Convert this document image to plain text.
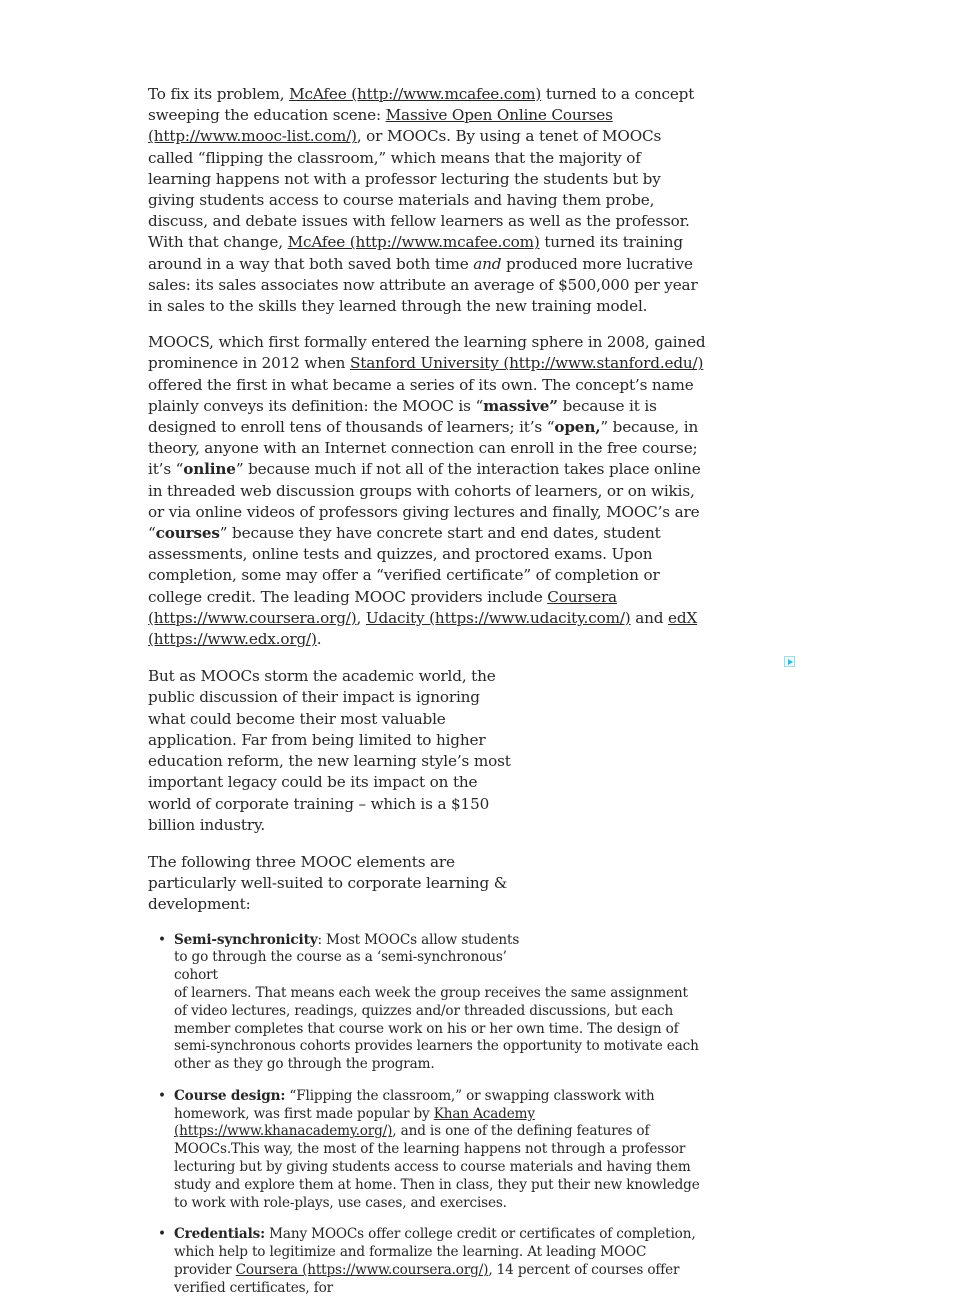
To fix its problem, McAfee (http://www.mcafee.com) turned to a concept sweeping the education scene: Massive Open Online Courses (http://www.mooc-list.com/), or MOOCs. By using a tenet of MOOCs called “flipping the classroom,” which means that the majority of learning happens not with a professor lecturing the students but by giving students access to course materials and having them probe, discuss, and debate issues with fellow learners as well as the professor. With that change, McAfee (http://www.mcafee.com) turned its training around in a way that both saved both time and produced more lucrative sales: its sales associates now attribute an average of $500,000 per year in sales to the skills they learned through the new training model.

MOOCS, which first formally entered the learning sphere in 2008, gained prominence in 2012 when Stanford University (http://www.stanford.edu/) offered the first in what became a series of its own. The concept’s name plainly conveys its definition: the MOOC is “massive” because it is designed to enroll tens of thousands of learners; it’s “open,” because, in theory, anyone with an Internet connection can enroll in the free course; it’s “online” because much if not all of the interaction takes place online in threaded web discussion groups with cohorts of learners, or on wikis, or via online videos of professors giving lectures and finally, MOOC’s are “courses” because they have concrete start and end dates, student assessments, online tests and quizzes, and proctored exams. Upon completion, some may offer a “verified certificate” of completion or college credit. The leading MOOC providers include Coursera (https://www.coursera.org/), Udacity (https://www.udacity.com/) and edX (https://www.edx.org/).

But as MOOCs storm the academic world, the public discussion of their impact is ignoring what could become their most valuable application. Far from being limited to higher education reform, the new learning style’s most important legacy could be its impact on the world of corporate training – which is a $150 billion industry.

The following three MOOC elements are particularly well-suited to corporate learning & development:

• Semi-synchronicity: Most MOOCs allow students to go through the course as a ‘semi-synchronous’ cohort
of learners. That means each week the group receives the same assignment of video lectures, readings, quizzes and/or threaded discussions, but each member completes that course work on his or her own time. The design of semi-synchronous cohorts provides learners the opportunity to motivate each other as they go through the program.
• Course design: “Flipping the classroom,” or swapping classwork with homework, was first made popular by Khan Academy (https://www.khanacademy.org/), and is one of the defining features of MOOCs.This way, the most of the learning happens not through a professor lecturing but by giving students access to course materials and having them study and explore them at home. Then in class, they put their new knowledge to work with role-plays, use cases, and exercises.
• Credentials: Many MOOCs offer college credit or certificates of completion, which help to legitimize and formalize the learning. At leading MOOC provider Coursera (https://www.coursera.org/), 14 percent of courses offer verified certificates, for
